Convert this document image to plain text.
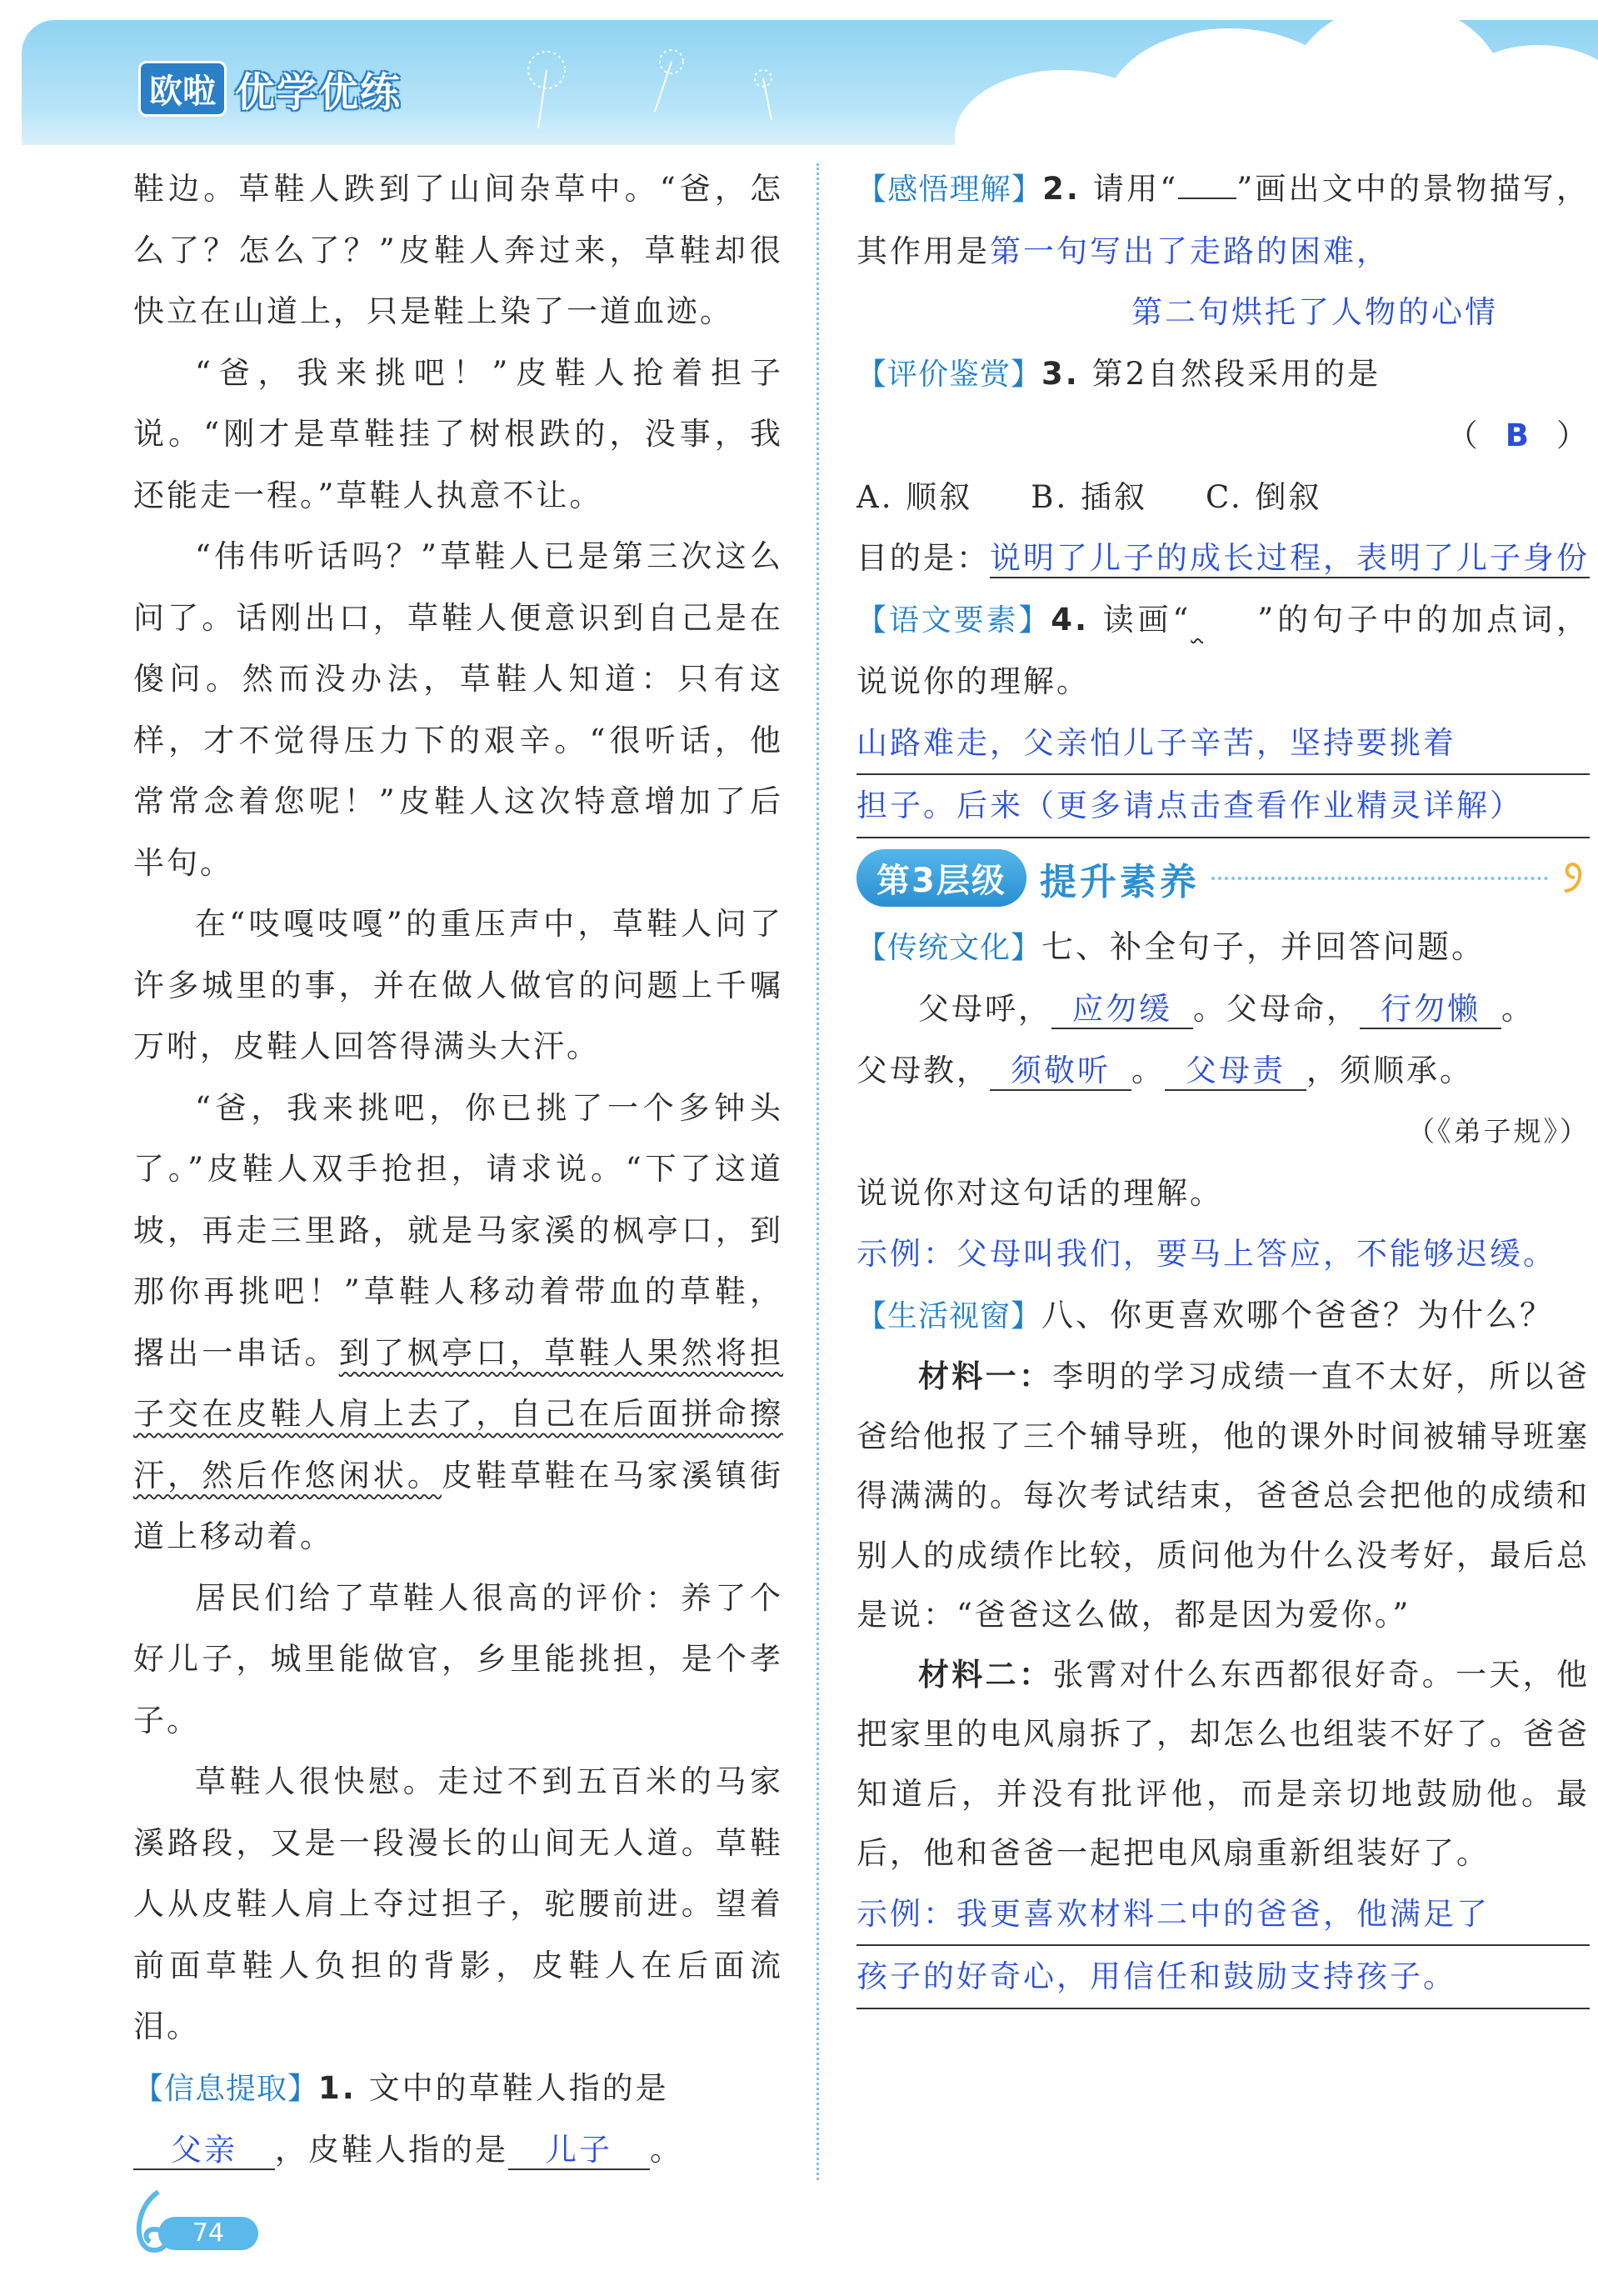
欧啦 优学优练

鞋边。草鞋人跌到了山间杂草中。“爸，怎么了？怎么了？”皮鞋人奔过来，草鞋却很快立在山道上，只是鞋上染了一道血迹。

“爸，我来挑吧！”皮鞋人抢着担子说。“刚才是草鞋挂了树根跌的，没事，我还能走一程。”草鞋人执意不让。

“伟伟听话吗？”草鞋人已是第三次这么问了。话刚出口，草鞋人便意识到自己是在傻问。然而没办法，草鞋人知道：只有这样，才不觉得压力下的艰辛。“很听话，他常常念着您呢！”皮鞋人这次特意增加了后半句。

在“吱嘎吱嘎”的重压声中，草鞋人问了许多城里的事，并在做人做官的问题上千嘱万咐，皮鞋人回答得满头大汗。

“爸，我来挑吧，你已挑了一个多钟头了。”皮鞋人双手抢担，请求说。“下了这道坡，再走三里路，就是马家溪的枫亭口，到那你再挑吧！”草鞋人移动着带血的草鞋，撂出一串话。到了枫亭口，草鞋人果然将担子交在皮鞋人肩上去了，自己在后面拼命擦汗，然后作悠闲状。皮鞋草鞋在马家溪镇街道上移动着。

居民们给了草鞋人很高的评价：养了个好儿子，城里能做官，乡里能挑担，是个孝子。

草鞋人很快慰。走过不到五百米的马家溪路段，又是一段漫长的山间无人道。草鞋人从皮鞋人肩上夺过担子，驼腰前进。望着前面草鞋人负担的背影，皮鞋人在后面流泪。

【信息提取】1. 文中的草鞋人指的是
父亲 ，皮鞋人指的是 儿子 。

【感悟理解】2. 请用“ ”画出文中的景物描写，其作用是第一句写出了走路的困难，

第二句烘托了人物的心情

【评价鉴赏】3. 第2自然段采用的是

（ B ）

A. 顺叙 B. 插叙 C. 倒叙

目的是：说明了儿子的成长过程，表明了儿子身份

【语文要素】4. 读画“ ”的句子中的加点词，说说你的理解。

山路难走，父亲怕儿子辛苦，坚持要挑着

担子。后来（更多请点击查看作业精灵详解）

第3层级 提升素养

【传统文化】七、补全句子，并回答问题。

父母呼， 应勿缓 。父母命， 行勿懒 。

父母教， 须敬听 。 父母责 ，须顺承。

（《弟子规》）

说说你对这句话的理解。

示例：父母叫我们，要马上答应，不能够迟缓。

【生活视窗】八、你更喜欢哪个爸爸？为什么？

材料一：李明的学习成绩一直不太好，所以爸爸给他报了三个辅导班，他的课外时间被辅导班塞得满满的。每次考试结束，爸爸总会把他的成绩和别人的成绩作比较，质问他为什么没考好，最后总是说：“爸爸这么做，都是因为爱你。”

材料二：张霄对什么东西都很好奇。一天，他把家里的电风扇拆了，却怎么也组装不好了。爸爸知道后，并没有批评他，而是亲切地鼓励他。最后，他和爸爸一起把电风扇重新组装好了。

示例：我更喜欢材料二中的爸爸，他满足了

孩子的好奇心，用信任和鼓励支持孩子。

74
